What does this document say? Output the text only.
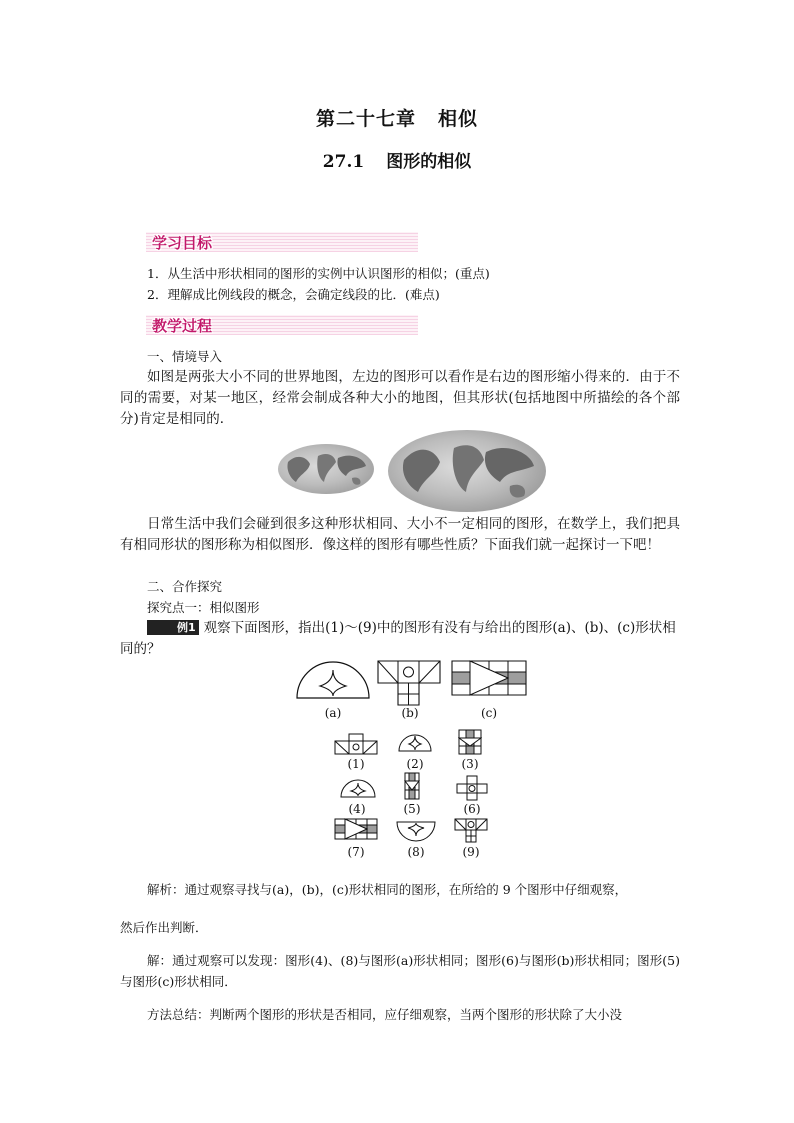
第二十七章 相似
27.1 图形的相似
学习目标
1．从生活中形状相同的图形的实例中认识图形的相似；(重点)
2．理解成比例线段的概念，会确定线段的比．(难点)
教学过程
一、情境导入
如图是两张大小不同的世界地图，左边的图形可以看作是右边的图形缩小得来的．由于不同的需要，对某一地区，经常会制成各种大小的地图，但其形状(包括地图中所描绘的各个部分)肯定是相同的．
日常生活中我们会碰到很多这种形状相同、大小不一定相同的图形，在数学上，我们把具有相同形状的图形称为相似图形．像这样的图形有哪些性质？下面我们就一起探讨一下吧！
二、合作探究
探究点一：相似图形
例1 观察下面图形，指出(1)～(9)中的图形有没有与给出的图形(a)、(b)、(c)形状相同的？
(a)	(b)	(c)
(1)	(2)	(3)
(4)	(5)	(6)
(7)	(8)	(9)
解析：通过观察寻找与(a)，(b)，(c)形状相同的图形，在所给的 9 个图形中仔细观察，
然后作出判断．
解：通过观察可以发现：图形(4)、(8)与图形(a)形状相同；图形(6)与图形(b)形状相同；图形(5)与图形(c)形状相同．
方法总结：判断两个图形的形状是否相同，应仔细观察，当两个图形的形状除了大小没
